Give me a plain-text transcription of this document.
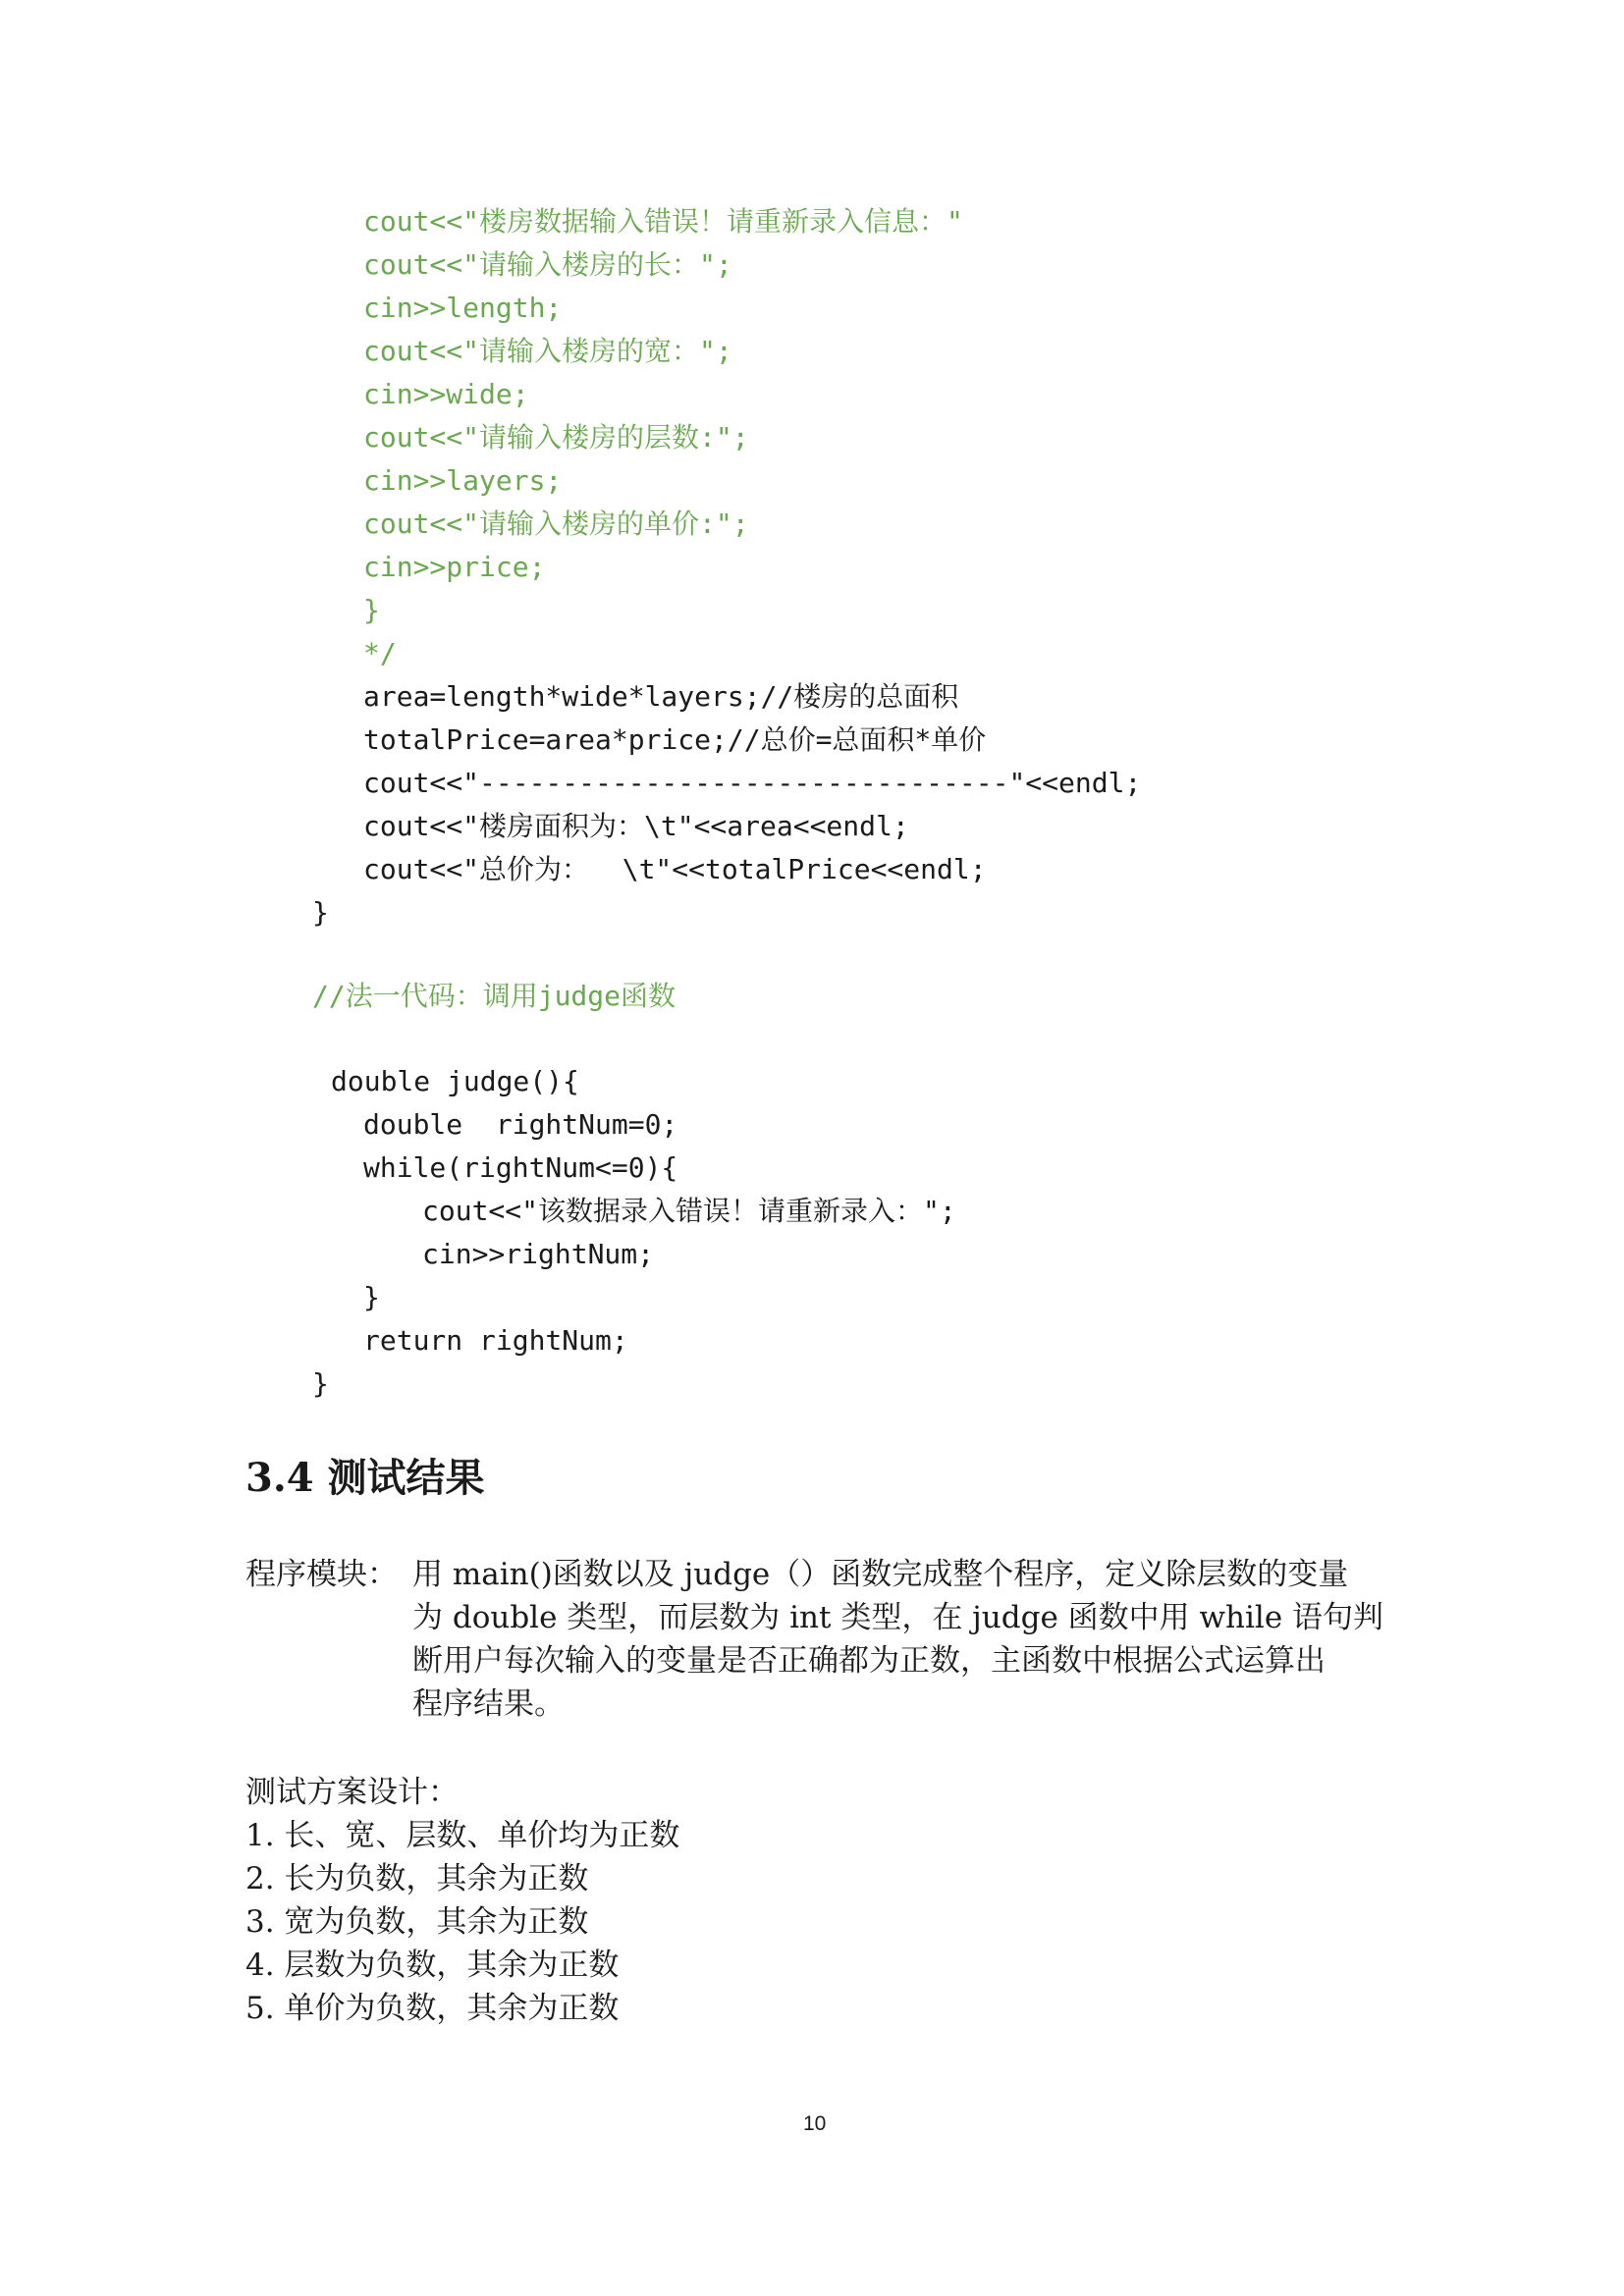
cout<<"楼房数据输入错误！请重新录入信息："
cout<<"请输入楼房的长：";
cin>>length;
cout<<"请输入楼房的宽：";
cin>>wide;
cout<<"请输入楼房的层数:";
cin>>layers;
cout<<"请输入楼房的单价:";
cin>>price;
}
*/
area=length*wide*layers;//楼房的总面积
totalPrice=area*price;//总价=总面积*单价
cout<<"--------------------------------"<<endl;
cout<<"楼房面积为：\t"<<area<<endl;
cout<<"总价为：  \t"<<totalPrice<<endl;
}
//法一代码：调用judge函数
double judge(){
double  rightNum=0;
while(rightNum<=0){
cout<<"该数据录入错误！请重新录入：";
cin>>rightNum;
}
return rightNum;
}
3.4 测试结果
程序模块： 用 main()函数以及 judge（）函数完成整个程序，定义除层数的变量
为 double 类型，而层数为 int 类型，在 judge 函数中用 while 语句判
断用户每次输入的变量是否正确都为正数，主函数中根据公式运算出
程序结果。
测试方案设计：
1. 长、宽、层数、单价均为正数
2. 长为负数，其余为正数
3. 宽为负数，其余为正数
4. 层数为负数，其余为正数
5. 单价为负数，其余为正数
10
